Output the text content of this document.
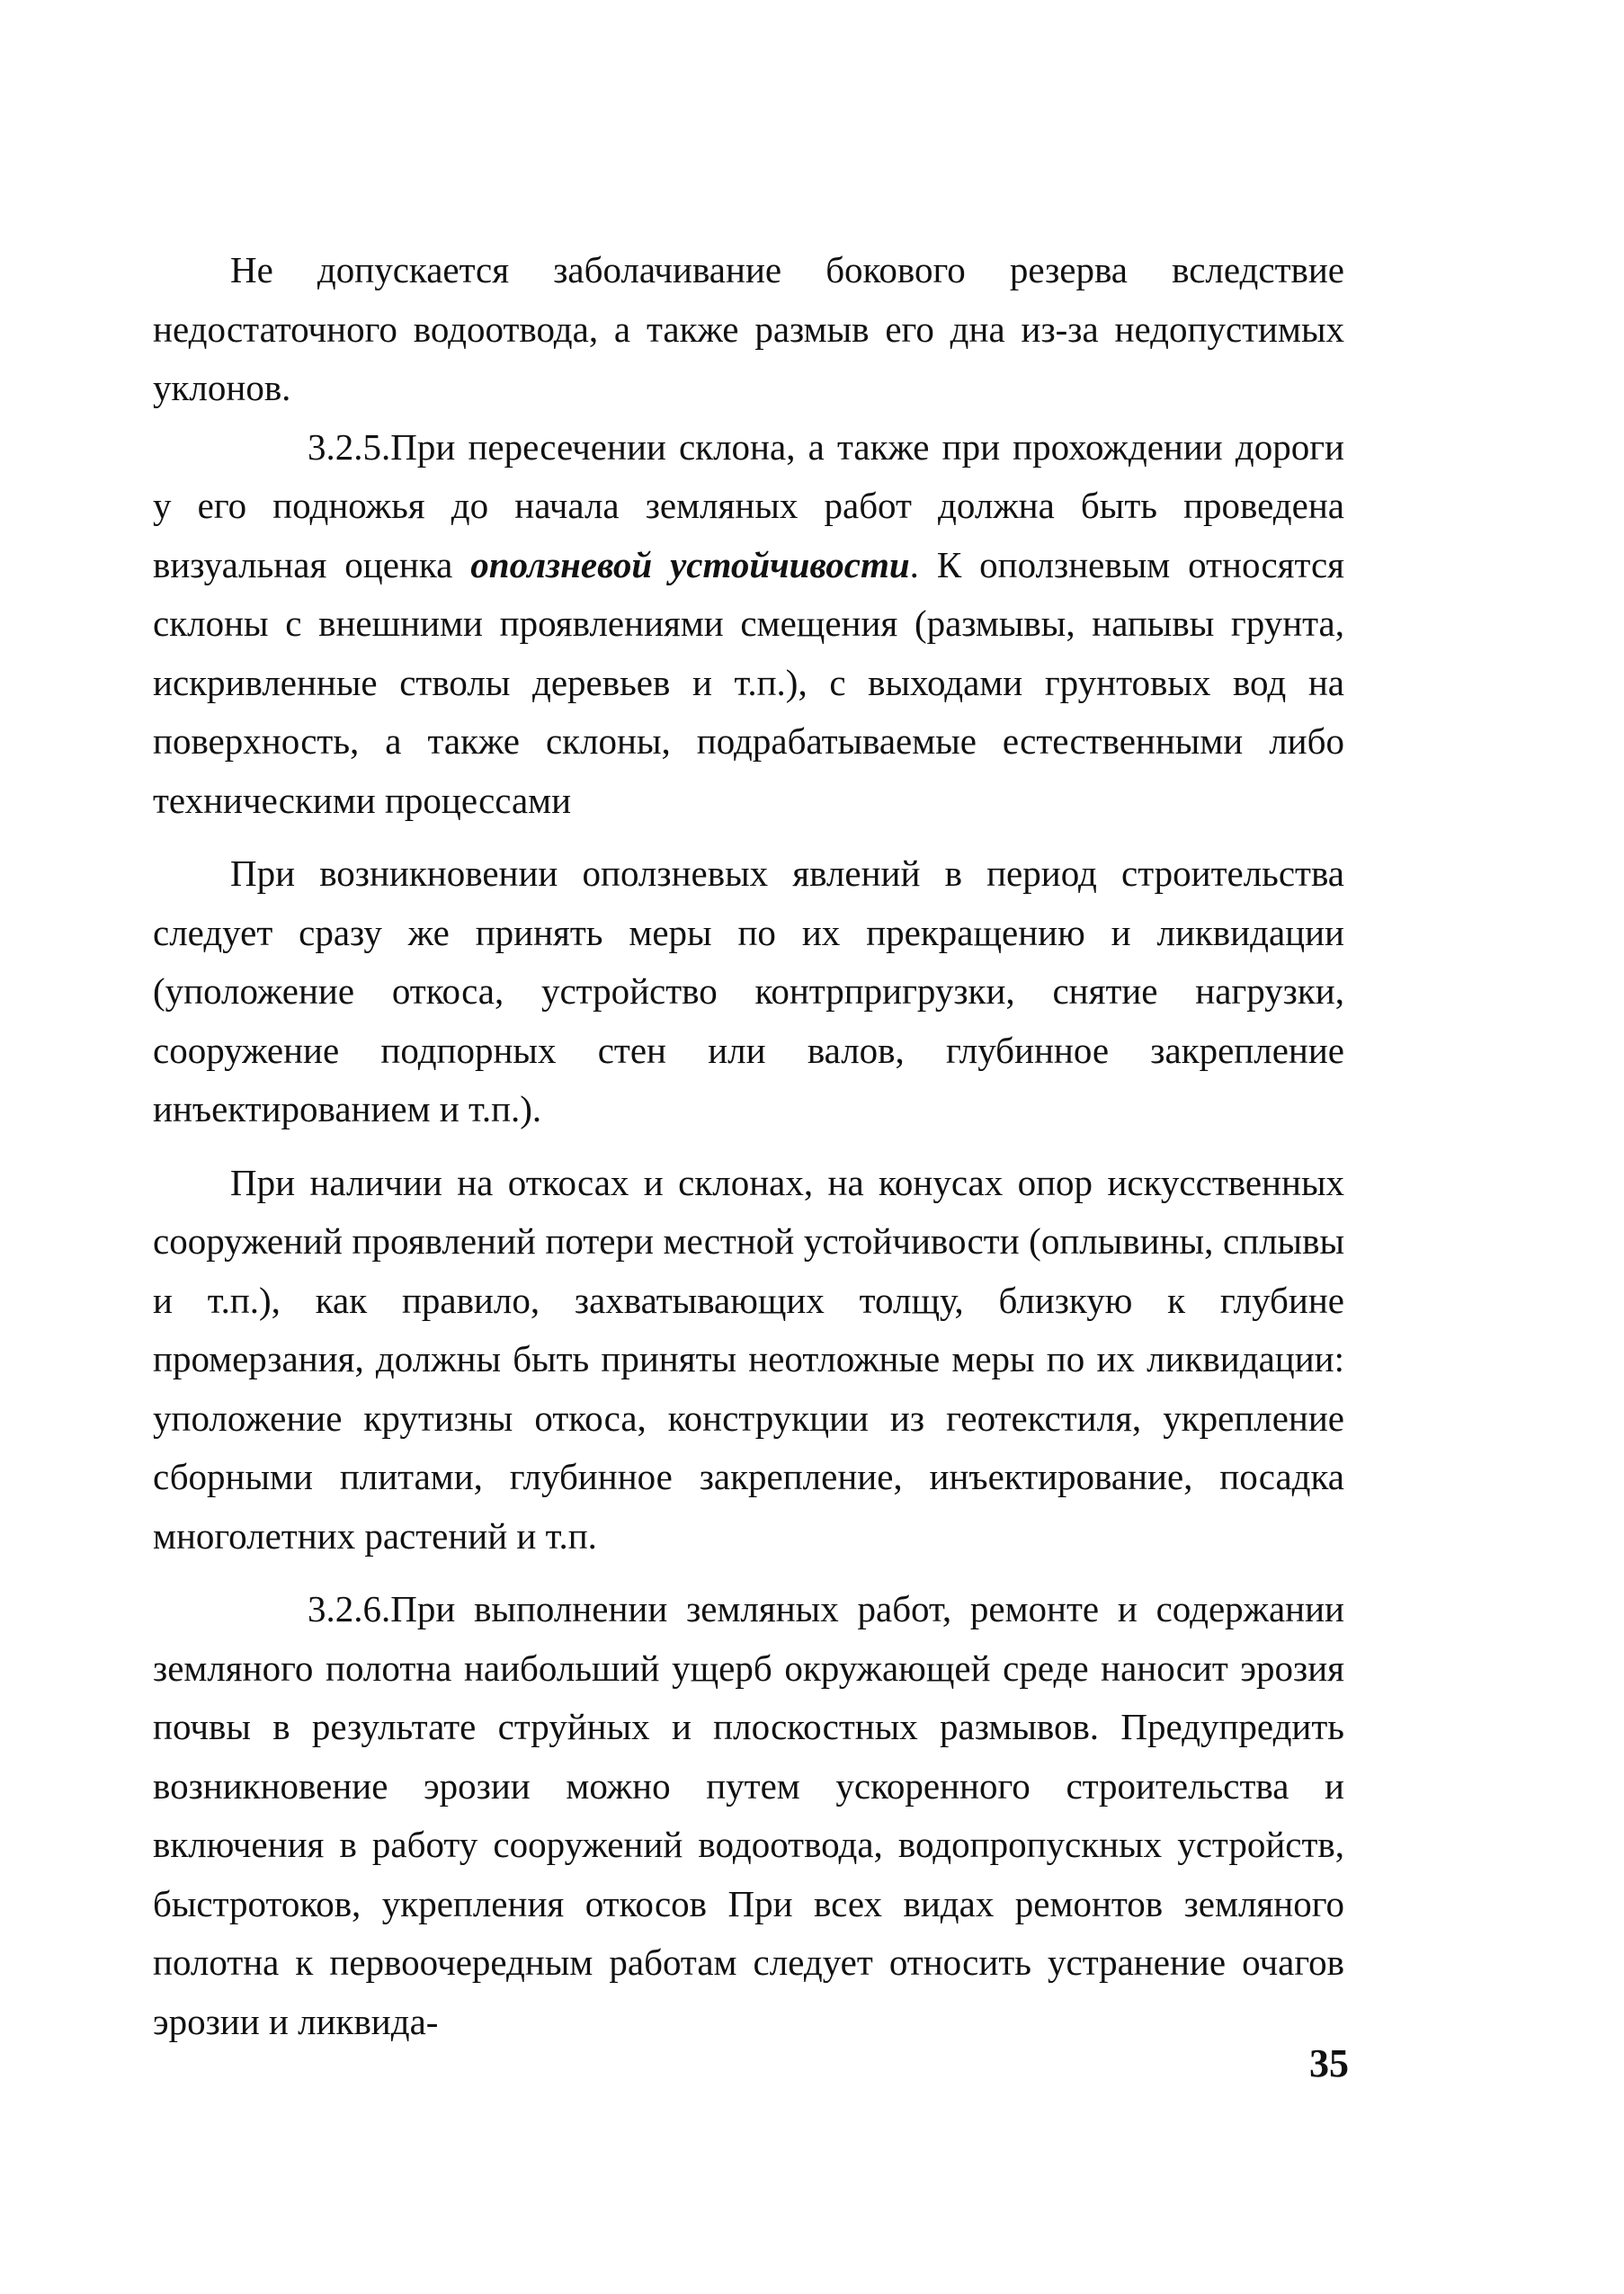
Не допускается заболачивание бокового резерва вследствие недостаточного водоотвода, а также размыв его дна из-за недопустимых уклонов.

3.2.5.При пересечении склона, а также при прохождении дороги у его подножья до начала земляных работ должна быть проведена визуальная оценка оползневой устойчивости. К оползневым относятся склоны с внешними проявлениями смещения (размывы, напывы грунта, искривленные стволы деревьев и т.п.), с выходами грунтовых вод на поверхность, а также склоны, подрабатываемые естественными либо техническими процессами

При возникновении оползневых явлений в период строительства следует сразу же принять меры по их прекращению и ликвидации (уположение откоса, устройство контрпригрузки, снятие нагрузки, сооружение подпорных стен или валов, глубинное закрепление инъектированием и т.п.).

При наличии на откосах и склонах, на конусах опор искусственных сооружений проявлений потери местной устойчивости (оплывины, сплывы и т.п.), как правило, захватывающих толщу, близкую к глубине промерзания, должны быть приняты неотложные меры по их ликвидации: уположение крутизны откоса, конструкции из геотекстиля, укрепление сборными плитами, глубинное закрепление, инъектирование, посадка многолетних растений и т.п.

3.2.6.При выполнении земляных работ, ремонте и содержании земляного полотна наибольший ущерб окружающей среде наносит эрозия почвы в результате струйных и плоскостных размывов. Предупредить возникновение эрозии можно путем ускоренного строительства и включения в работу сооружений водоотвода, водопропускных устройств, быстротоков, укрепления откосов При всех видах ремонтов земляного полотна к первоочередным работам следует относить устранение очагов эрозии и ликвида-

35
